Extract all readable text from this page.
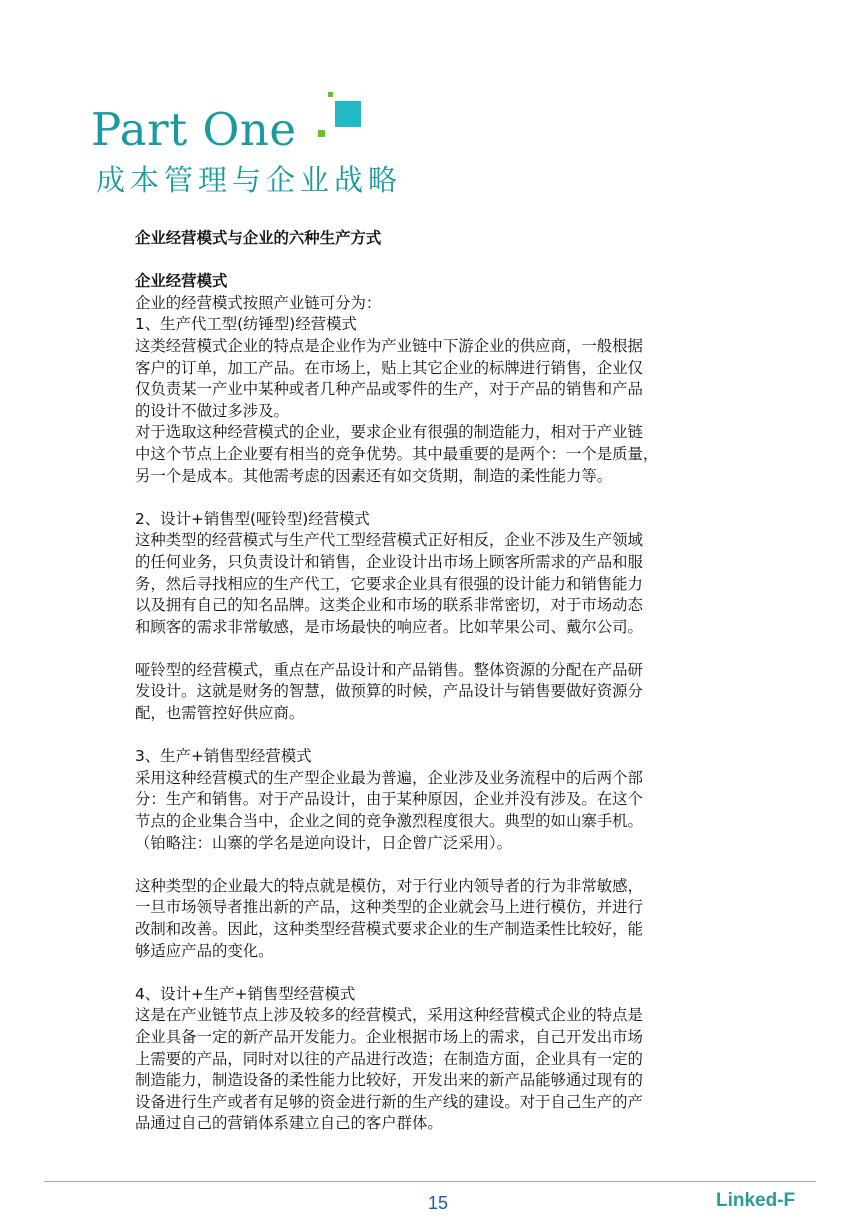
Part One
成本管理与企业战略
企业经营模式与企业的六种生产方式
企业经营模式

企业的经营模式按照产业链可分为：
1、生产代工型(纺锤型)经营模式
这类经营模式企业的特点是企业作为产业链中下游企业的供应商，一般根据
客户的订单，加工产品。在市场上，贴上其它企业的标牌进行销售，企业仅
仅负责某一产业中某种或者几种产品或零件的生产，对于产品的销售和产品
的设计不做过多涉及。
对于选取这种经营模式的企业，要求企业有很强的制造能力，相对于产业链
中这个节点上企业要有相当的竞争优势。其中最重要的是两个：一个是质量，
另一个是成本。其他需考虑的因素还有如交货期，制造的柔性能力等。

2、设计+销售型(哑铃型)经营模式
这种类型的经营模式与生产代工型经营模式正好相反，企业不涉及生产领域
的任何业务，只负责设计和销售，企业设计出市场上顾客所需求的产品和服
务，然后寻找相应的生产代工，它要求企业具有很强的设计能力和销售能力
以及拥有自己的知名品牌。这类企业和市场的联系非常密切，对于市场动态
和顾客的需求非常敏感，是市场最快的响应者。比如苹果公司、戴尔公司。

哑铃型的经营模式，重点在产品设计和产品销售。整体资源的分配在产品研
发设计。这就是财务的智慧，做预算的时候，产品设计与销售要做好资源分
配，也需管控好供应商。

3、生产+销售型经营模式
采用这种经营模式的生产型企业最为普遍，企业涉及业务流程中的后两个部
分：生产和销售。对于产品设计，由于某种原因，企业并没有涉及。在这个
节点的企业集合当中，企业之间的竞争激烈程度很大。典型的如山寨手机。
（铂略注：山寨的学名是逆向设计，日企曾广泛采用）。

这种类型的企业最大的特点就是模仿，对于行业内领导者的行为非常敏感，
一旦市场领导者推出新的产品，这种类型的企业就会马上进行模仿，并进行
改制和改善。因此，这种类型经营模式要求企业的生产制造柔性比较好，能
够适应产品的变化。

4、设计+生产+销售型经营模式
这是在产业链节点上涉及较多的经营模式，采用这种经营模式企业的特点是
企业具备一定的新产品开发能力。企业根据市场上的需求，自己开发出市场
上需要的产品，同时对以往的产品进行改造；在制造方面，企业具有一定的
制造能力，制造设备的柔性能力比较好，开发出来的新产品能够通过现有的
设备进行生产或者有足够的资金进行新的生产线的建设。对于自己生产的产
品通过自己的营销体系建立自己的客户群体。

15	Linked-F
